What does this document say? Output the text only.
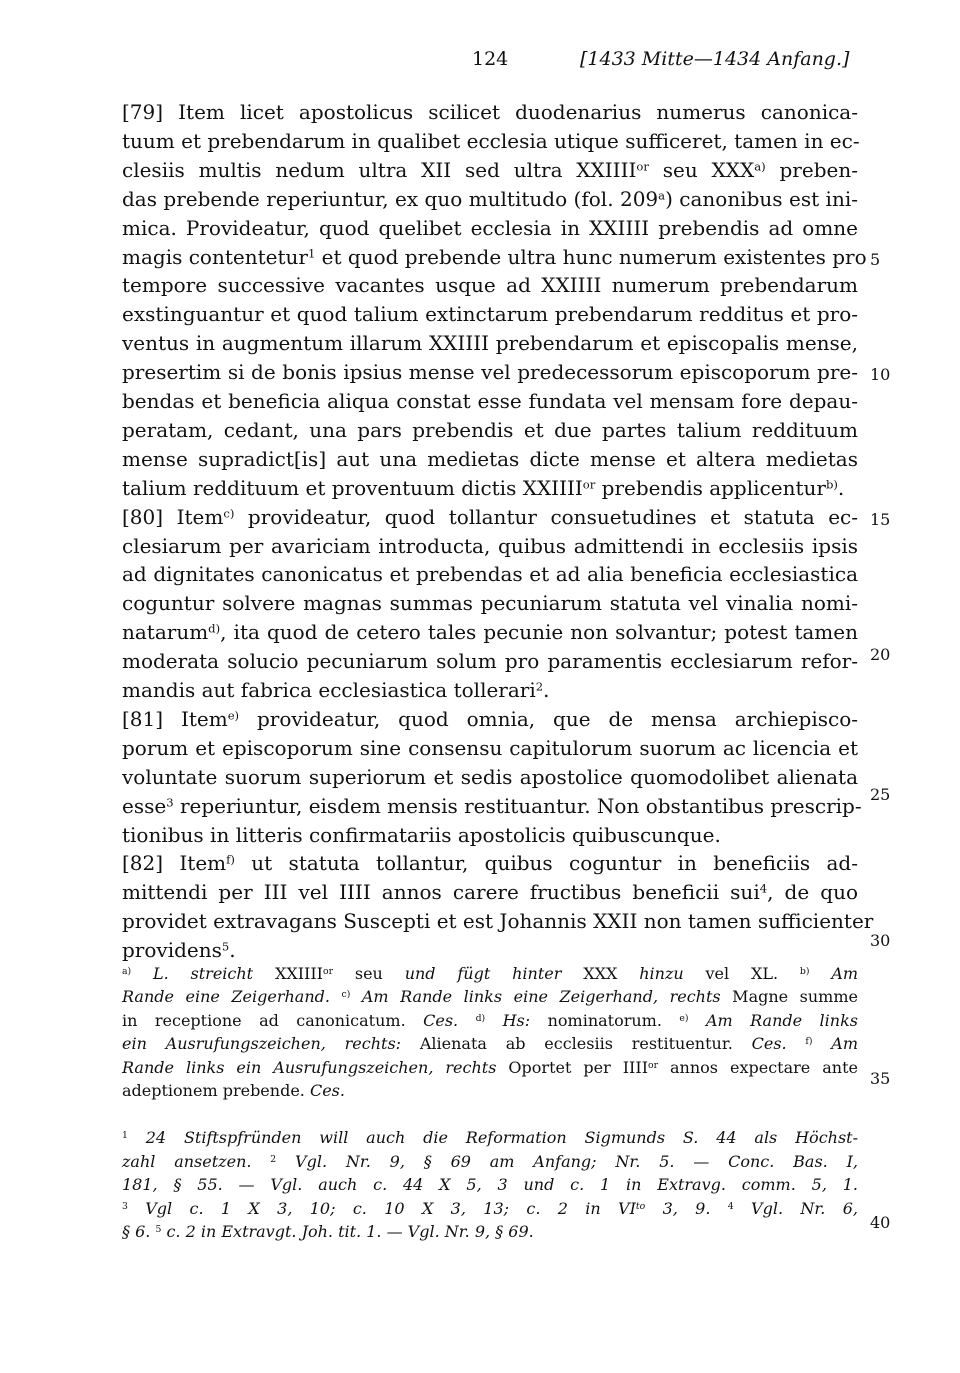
124	[1433 Mitte—1434 Anfang.]
[79] Item licet apostolicus scilicet duodenarius numerus canonica-
tuum et prebendarum in qualibet ecclesia utique sufficeret, tamen in ec-
clesiis multis nedum ultra XII sed ultra $XXIIII^{or}$ seu XXX$^{a)}$ preben-
das prebende reperiuntur, ex quo multitudo (fol. 209$^a$) canonibus est ini-
mica. Provideatur, quod quelibet ecclesia in XXIIII prebendis ad omne
magis contentetur$^1$ et quod prebende ultra hunc numerum existentes pro
tempore successive vacantes usque ad XXIIII numerum prebendarum
exstinguantur et quod talium extinctarum prebendarum redditus et pro-
ventus in augmentum illarum XXIIII prebendarum et episcopalis mense,
presertim si de bonis ipsius mense vel predecessorum episcoporum pre-
bendas et beneficia aliqua constat esse fundata vel mensam fore depau-
peratam, cedant, una pars prebendis et due partes talium reddituum
mense supradict[is] aut una medietas dicte mense et altera medietas
talium reddituum et proventuum dictis $XXIIII^{or}$ prebendis applicentur$^{b)}$.
[80] Item$^{c)}$ provideatur, quod tollantur consuetudines et statuta ec-
clesiarum per avariciam introducta, quibus admittendi in ecclesiis ipsis
ad dignitates canonicatus et prebendas et ad alia beneficia ecclesiastica
coguntur solvere magnas summas pecuniarum statuta vel vinalia nomi-
natarum$^{d)}$, ita quod de cetero tales pecunie non solvantur; potest tamen
moderata solucio pecuniarum solum pro paramentis ecclesiarum refor-
mandis aut fabrica ecclesiastica tollerari$^2$.
[81] Item$^{e)}$ provideatur, quod omnia, que de mensa archiepisco-
porum et episcoporum sine consensu capitulorum suorum ac licencia et
voluntate suorum superiorum et sedis apostolice quomodolibet alienata
esse$^3$ reperiuntur, eisdem mensis restituantur. Non obstantibus prescrip-
tionibus in litteris confirmatariis apostolicis quibuscunque.
[82] Item$^{f)}$ ut statuta tollantur, quibus coguntur in beneficiis ad-
mittendi per III vel IIII annos carere fructibus beneficii sui$^4$, de quo
providet extravagans Suscepti et est Johannis XXII non tamen sufficienter
providens$^5$.
$^{a)}$ L. streicht $XXIIII^{or}$ seu und fügt hinter XXX hinzu vel XL. $^{b)}$ Am
Rande eine Zeigerhand. $^{c)}$ Am Rande links eine Zeigerhand, rechts Magne summe
in receptione ad canonicatum. Ces. $^{d)}$ Hs: nominatorum. $^{e)}$ Am Rande links
ein Ausrufungszeichen, rechts: Alienata ab ecclesiis restituentur. Ces. $^{f)}$ Am
Rande links ein Ausrufungszeichen, rechts Oportet per $IIII^{or}$ annos expectare ante
adeptionem prebende. Ces.
$^1$ 24 Stiftspfründen will auch die Reformation Sigmunds S. 44 als Höchst-
zahl ansetzen. $^2$ Vgl. Nr. 9, § 69 am Anfang; Nr. 5. — Conc. Bas. I,
181, § 55. — Vgl. auch c. 44 X 5, 3 und c. 1 in Extravg. comm. 5, 1.
$^3$ Vgl c. 1 X 3, 10; c. 10 X 3, 13; c. 2 in $VI^{to}$ 3, 9. $^4$ Vgl. Nr. 6,
§ 6. $^5$ c. 2 in Extravgt. Joh. tit. 1. — Vgl. Nr. 9, § 69.
5
10
15
20
25
30
35
40
